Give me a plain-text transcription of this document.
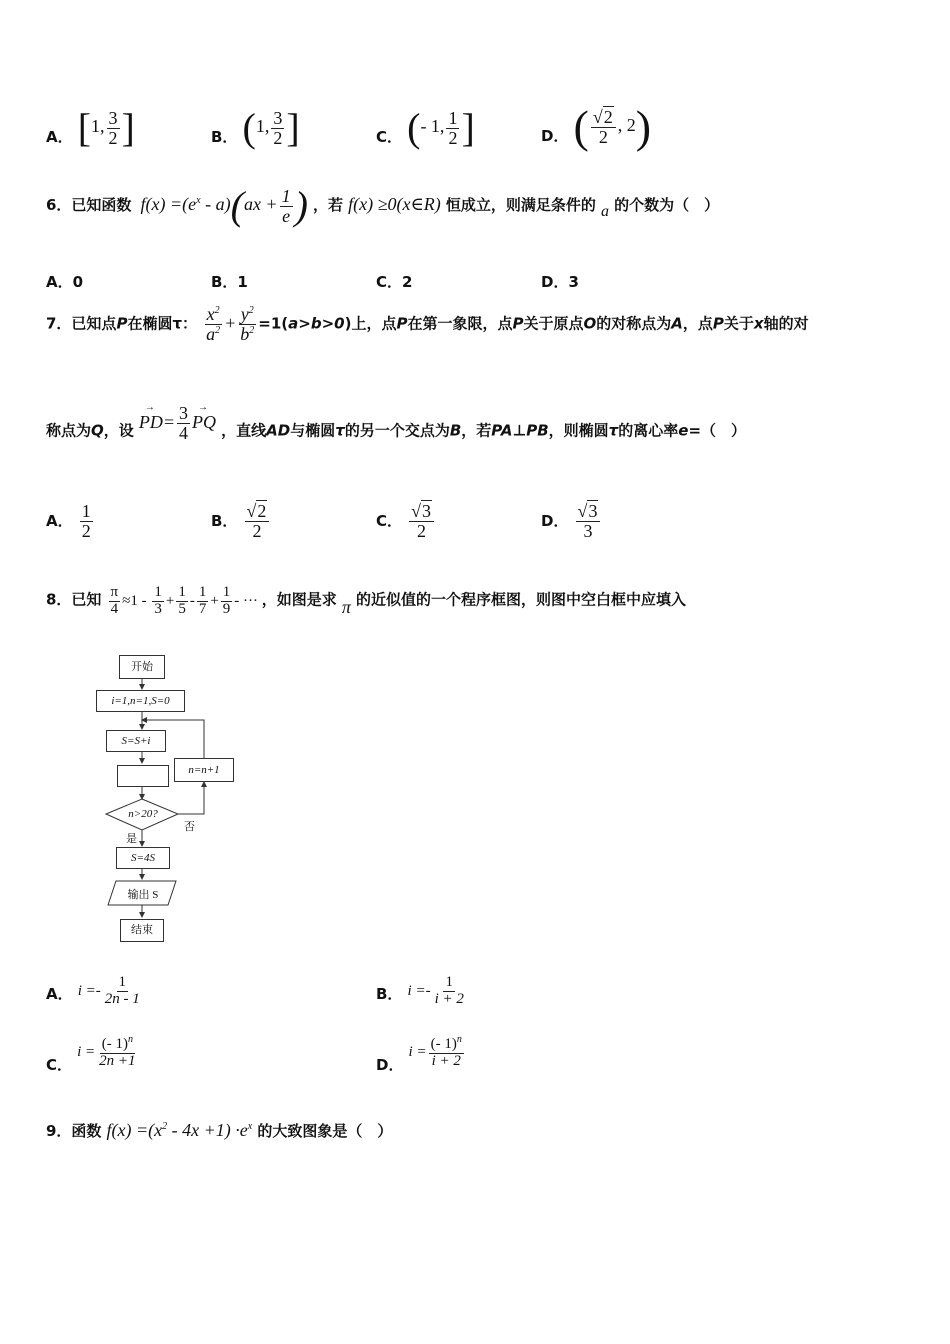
A． [1, $\frac{3}{2}$ ]	B． (1, $\frac{3}{2}$ ]	C． (- 1, $\frac{1}{2}$ ]	D． ( $\frac{√2}{2}$ , 2)
6．已知函数 $f(x) =(e^x - a)(ax + \frac{1}{e}$ ) ，若 f(x) ≥0(x∈R) 恒成立，则满足条件的 a 的个数为（　）
A．0	B．1	C．2	D．3
7．已知点P在椭圆τ： $\frac{x^2}{a^2} + \frac{y^2}{b^2} =1(a>b>0)$上，点P在第一象限，点P关于原点O的对称点为A，点P关于x轴的对
称点为Q，设
→
$PD= \frac{3}{4}$ →
PQ ，直线AD与椭圆τ的另一个交点为B，若PA⊥PB，则椭圆τ的离心率e=（　）
A． $\frac{1}{2}$	B． $\frac{√2}{2}$	C． $\frac{√3}{2}$	D． $\frac{√3}{3}$
8．已知 $\frac{\pi}{4} \approx 1 - \frac{1}{3} + \frac{1}{5} - \frac{1}{7} + \frac{1}{9}$ - ··· ，如图是求 π 的近似值的一个程序框图，则图中空白框中应填入
开始
i=1,n=1,S=0
S=S+i
n=n+1
n>20?
是
否
S=4S
输出 S
结束
A． $i =- \frac{1}{2n - 1}$	B． $i =- \frac{1}{i + 2}$
C． $i = \frac{(- 1)^n}{2n +1}$	D． $i = \frac{(- 1)^n}{i + 2}$
9．函数 $f(x) =(x^2 - 4x +1) \cdot e^x$ 的大致图象是（　）
